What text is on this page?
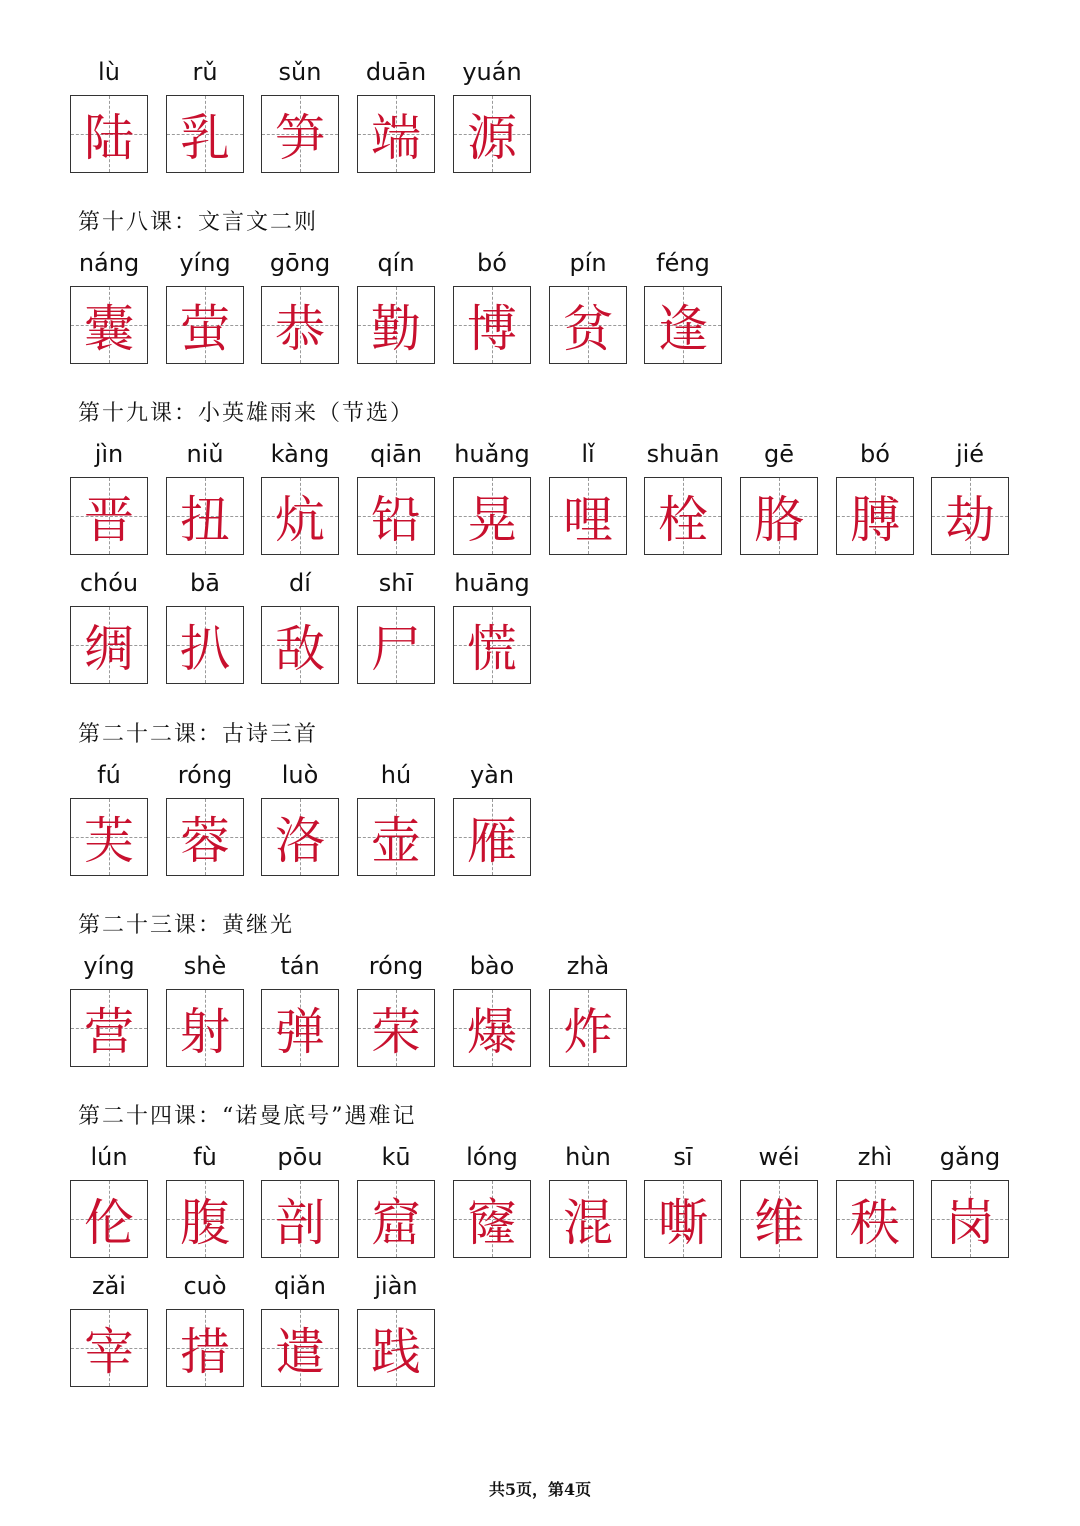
共5页，第4页
lù
陆
rǔ
乳
sǔn
笋
duān
端
yuán
源
第十八课：文言文二则
náng
囊
yíng
萤
gōng
恭
qín
勤
bó
博
pín
贫
féng
逢
第十九课：小英雄雨来（节选）
jìn
晋
niǔ
扭
kàng
炕
qiān
铅
huǎng
晃
lǐ
哩
shuān
栓
gē
胳
bó
膊
jié
劫
chóu
绸
bā
扒
dí
敌
shī
尸
huāng
慌
第二十二课：古诗三首
fú
芙
róng
蓉
luò
洛
hú
壶
yàn
雁
第二十三课：黄继光
yíng
营
shè
射
tán
弹
róng
荣
bào
爆
zhà
炸
第二十四课：“诺曼底号”遇难记
lún
伦
fù
腹
pōu
剖
kū
窟
lóng
窿
hùn
混
sī
嘶
wéi
维
zhì
秩
gǎng
岗
zǎi
宰
cuò
措
qiǎn
遣
jiàn
践
